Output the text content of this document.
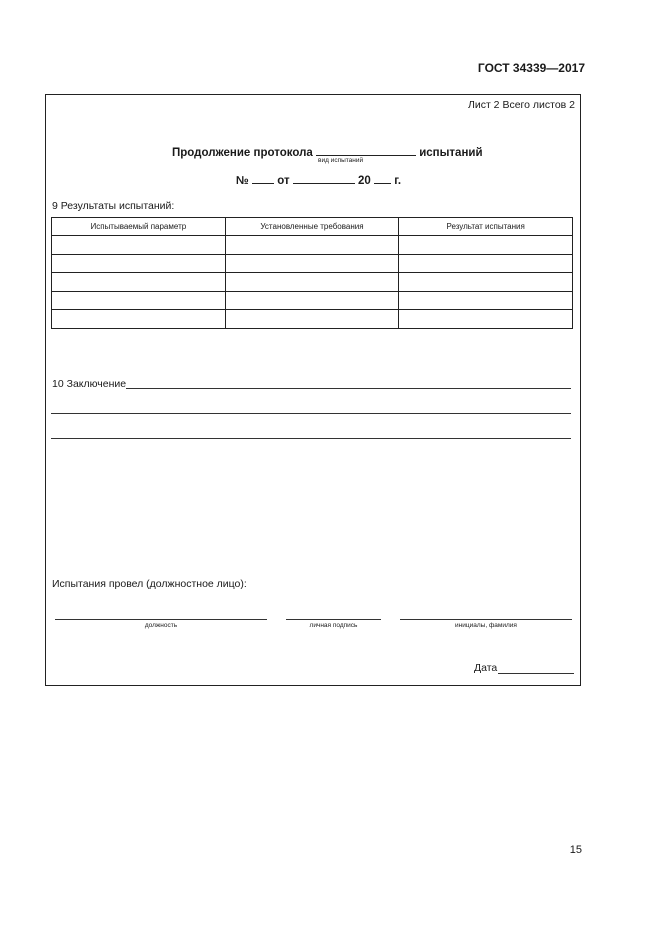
ГОСТ 34339—2017
Лист 2 Всего листов 2
Продолжение протокола	испытаний
вид испытаний
№ от	20 г.
9 Результаты испытаний:
Испытываемый параметр	Установленные требования	Результат испытания

10 Заключение
Испытания провел (должностное лицо):
должность	личная подпись	инициалы, фамилия
Дата
15
